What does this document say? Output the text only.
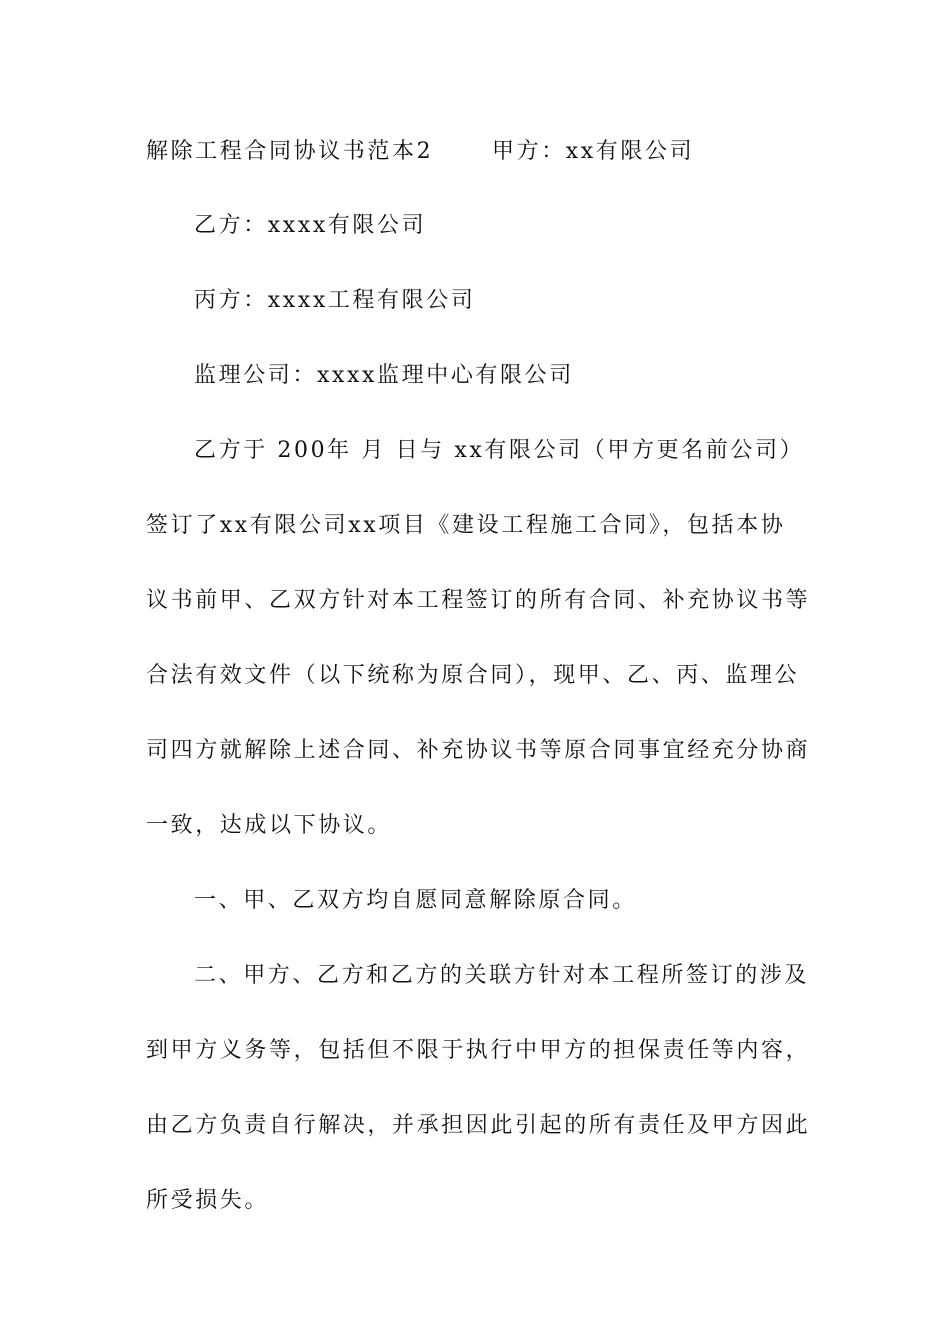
解除工程合同协议书范本2　　 甲方：xx有限公司
乙方：xxxx有限公司
丙方：xxxx工程有限公司
监理公司：xxxx监理中心有限公司
乙方于 200年 月 日与 xx有限公司（甲方更名前公司）
签订了xx有限公司xx项目《建设工程施工合同》，包括本协
议书前甲、乙双方针对本工程签订的所有合同、补充协议书等
合法有效文件（以下统称为原合同），现甲、乙、丙、监理公
司四方就解除上述合同、补充协议书等原合同事宜经充分协商
一致，达成以下协议。
一、甲、乙双方均自愿同意解除原合同。
二、甲方、乙方和乙方的关联方针对本工程所签订的涉及
到甲方义务等，包括但不限于执行中甲方的担保责任等内容，
由乙方负责自行解决，并承担因此引起的所有责任及甲方因此
所受损失。
